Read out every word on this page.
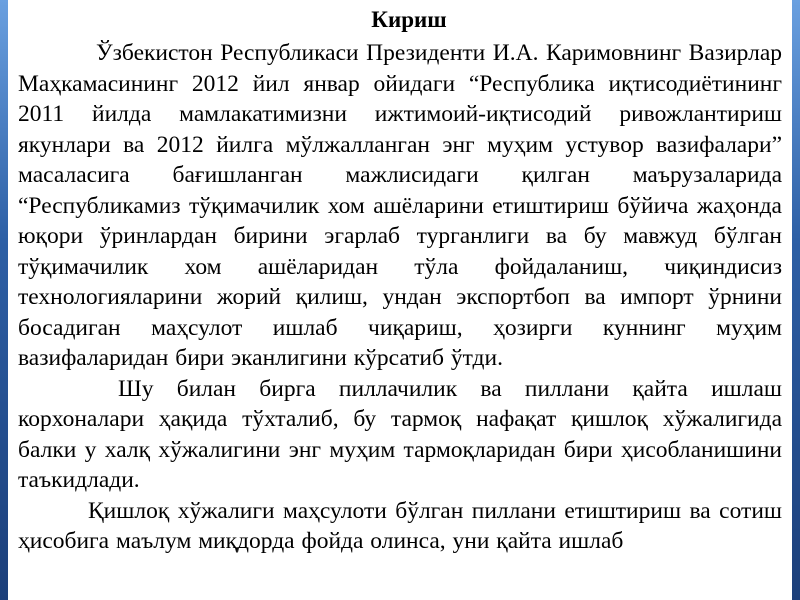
Кириш

Ўзбекистон Республикаси Президенти И.А. Каримовнинг Вазирлар Маҳкамасининг 2012 йил январ ойидаги “Республика иқтисодиётининг 2011 йилда мамлакатимизни ижтимоий-иқтисодий ривожлантириш якунлари ва 2012 йилга мўлжалланган энг муҳим устувор вазифалари” масаласига бағишланган мажлисидаги қилган маърузаларида “Республикамиз тўқимачилик хом ашёларини етиштириш бўйича жаҳонда юқори ўринлардан бирини эгарлаб турганлиги ва бу мавжуд бўлган тўқимачилик хом ашёларидан тўла фойдаланиш, чиқиндисиз технологияларини жорий қилиш, ундан экспортбоп ва импорт ўрнини босадиган маҳсулот ишлаб чиқариш, ҳозирги куннинг муҳим вазифаларидан бири эканлигини кўрсатиб ўтди.

Шу билан бирга пиллачилик ва пиллани қайта ишлаш корхоналари ҳақида тўхталиб, бу тармоқ нафақат қишлоқ хўжалигида балки у халқ хўжалигини энг муҳим тармоқларидан бири ҳисобланишини таъкидлади.

Қишлоқ хўжалиги маҳсулоти бўлган пиллани етиштириш ва сотиш ҳисобига маълум миқдорда фойда олинса, уни қайта ишлаб
